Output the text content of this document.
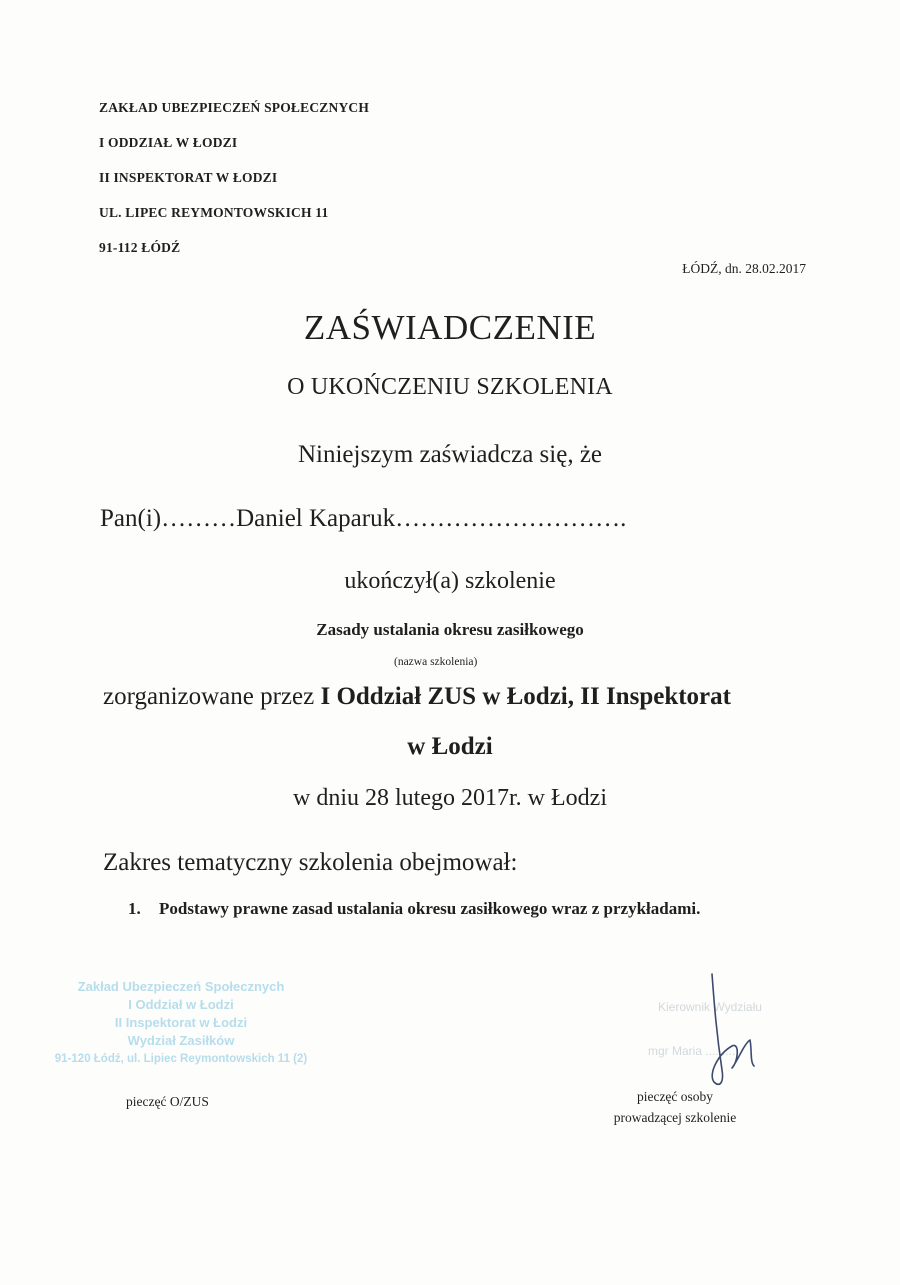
ZAKŁAD UBEZPIECZEŃ SPOŁECZNYCH
I ODDZIAŁ W ŁODZI
II INSPEKTORAT W ŁODZI
UL. LIPEC REYMONTOWSKICH 11
91-112 ŁÓDŹ
ŁÓDŹ, dn. 28.02.2017
ZAŚWIADCZENIE
O UKOŃCZENIU SZKOLENIA
Niniejszym zaświadcza się, że
Pan(i)………Daniel Kaparuk……………………….
ukończył(a) szkolenie
Zasady ustalania okresu zasiłkowego
(nazwa szkolenia)
zorganizowane przez I Oddział ZUS w Łodzi, II Inspektorat
w Łodzi
w dniu 28 lutego 2017r. w Łodzi
Zakres tematyczny szkolenia obejmował:
1.	Podstawy prawne zasad ustalania okresu zasiłkowego wraz z przykładami.
Zakład Ubezpieczeń Społecznych
I Oddział w Łodzi
II Inspektorat w Łodzi
Wydział Zasiłków
91-120 Łódź, ul. Lipiec Reymontowskich 11 (2)
pieczęć O/ZUS
Kierownik Wydziału
mgr Maria ..........
pieczęć osoby
prowadzącej szkolenie
